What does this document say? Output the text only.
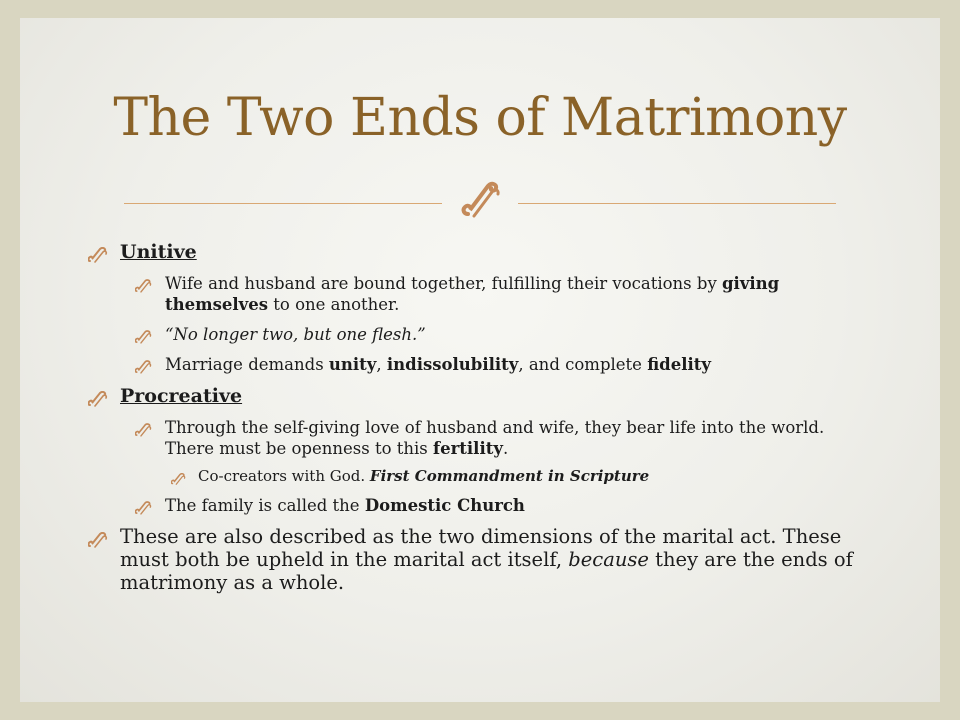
The Two Ends of Matrimony
Unitive
Wife and husband are bound together, fulfilling their vocations by giving themselves to one another.
“No longer two, but one flesh.”
Marriage demands unity, indissolubility, and complete fidelity
Procreative
Through the self-giving love of husband and wife, they bear life into the world. There must be openness to this fertility.
Co-creators with God. First Commandment in Scripture
The family is called the Domestic Church
These are also described as the two dimensions of the marital act. These must both be upheld in the marital act itself, because they are the ends of matrimony as a whole.
